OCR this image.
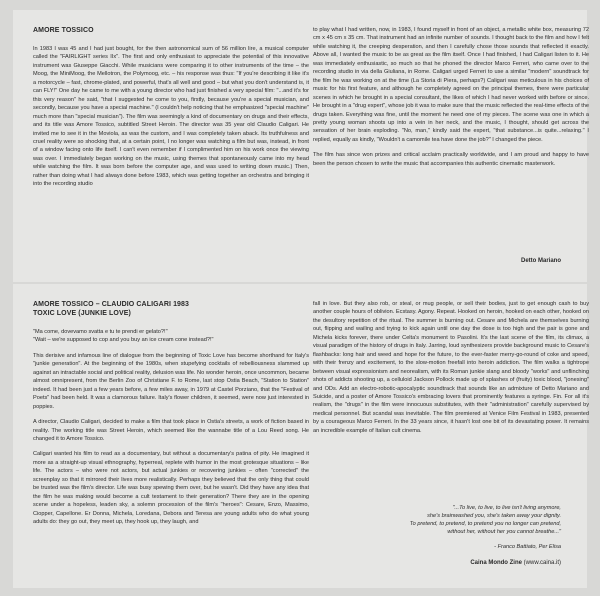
AMORE TOSSICO

In 1983 I was 45 and I had just bought, for the then astronomical sum of 56 million lire, a musical computer called the "FAIRLIGHT series IIx". The first and only enthusiast to appreciate the potential of this innovative instrument was Giuseppe Giacchi. While musicians were comparing it to other instruments of the time – the Moog, the MiniMoog, the Mellotron, the Polymoog, etc. – his response was thus: "If you're describing it like it's a motorcycle – fast, chrome-plated, and powerful, that's all well and good – but what you don't understand is, it can FLY!" One day he came to me with a young director who had just finished a very special film: "...and it's for this very reason" he said, "that I suggested he come to you, firstly, because you're a special musician, and secondly, because you have a special machine." (I couldn't help noticing that he emphasized "special machine" much more than "special musician"). The film was seemingly a kind of documentary on drugs and their effects, and its title was Amore Tossico, subtitled Street Heroin. The director was 35 year old Claudio Caligari. He invited me to see it in the Moviola, as was the custom, and I was completely taken aback. Its truthfulness and cruel reality were so shocking that, at a certain point, I no longer was watching a film but was, instead, in front of a window facing onto life itself. I can't even remember if I complimented him on his work once the viewing was over. I immediately began working on the music, using themes that spontaneously came into my head while watching the film. It was born before the computer age, and was used to writing down music.) Then, rather than doing what I had always done before 1983, which was getting together an orchestra and bringing it into the recording studio

to play what I had written, now, in 1983, I found myself in front of an object, a metallic white box, measuring 72 cm x 45 cm x 35 cm. That instrument had an infinite number of sounds. I thought back to the film and how I felt while watching it, the creeping desperation, and then I carefully chose those sounds that reflected it exactly. Above all, I wanted the music to be as great as the film itself. Once I had finished, I had Caligari listen to it. He was immediately enthusiastic, so much so that he phoned the director Marco Ferreri, who came over to the recording studio in via della Giuliana, in Rome. Caligari urged Ferreri to use a similar "modern" soundtrack for the film he was working on at the time (La Storia di Piera, perhaps?) Caligari was meticulous in his choices of music for his first feature, and although he completely agreed on the principal themes, there were particular scenes in which he brought in a special consultant, the likes of which I had never worked with before or since. He brought in a "drug expert", whose job it was to make sure that the music reflected the real-time effects of the drugs taken. Everything was fine, until the moment he need one of my pieces. The scene was one in which a pretty young woman shoots up into a vein in her neck, and the music, I thought, should get across the sensation of her brain exploding. "No, man," kindly said the expert, "that substance...is quite...relaxing." I replied, equally as kindly, "Wouldn't a camomile tea have done the job?" I changed the piece.

The film has since won prizes and critical acclaim practically worldwide, and I am proud and happy to have been the person chosen to write the music that accompanies this authentic cinematic masterwork.

Detto Mariano
AMORE TOSSICO – CLAUDIO CALIGARI 1983
TOXIC LOVE (JUNKIE LOVE)

"Ma come, dovevamo svatta e tu te prendi er gelato?!"
"Wait – we're supposed to cop and you buy an ice cream cone instead?!"

This derisive and infamous line of dialogue from the beginning of Toxic Love has become shorthand for Italy's "junkie generation". At the beginning of the 1980s, when stupefying cocktails of rebelliousness slammed up against an intractable social and political reality, delusion was life. No wonder heroin, once uncommon, became almost omnipresent, from the Berlin Zoo of Christiane F. to Rome, last stop Ostia Beach, "Station to Station" indeed. It had been just a few years before, a few miles away, in 1979 at Castel Porziano, that the "Festival of Poets" had been held. It was a clamorous failure. Italy's flower children, it seemed, were now just interested in poppies.

A director, Claudio Caligari, decided to make a film that took place in Ostia's streets, a work of fiction based in reality. The working title was Street Heroin, which seemed like the wannabe title of a Lou Reed song. He changed it to Amore Tossico.

Caligari wanted his film to read as a documentary, but without a documentary's patina of pity. He imagined it more as a straight-up visual ethnography, hyperreal, replete with humor in the most grotesque situations – like life. The actors – who were not actors, but actual junkies or recovering junkies – often "corrected" the screenplay so that it mirrored their lives more realistically. Perhaps they believed that the only thing that could be trusted was the film's director. Life was busy spewing them over, but he wasn't. Did they have any idea that the film he was making would become a cult testament to their generation? There they are in the opening scene under a hopeless, leaden sky, a solemn procession of the film's "heroes": Cesare, Enzo, Massimo, Ciopper, Capellone. Er Donna, Michela, Loredana, Debora and Teresa are young adults who do what young adults do: they go out, they meet up, they hook up, they laugh, and

fall in love. But they also rob, or steal, or mug people, or sell their bodies, just to get enough cash to buy another couple hours of oblivion. Ecstasy. Agony. Repeat. Hooked on heroin, hooked on each other, hooked on the desultory repetition of the ritual. The summer is burning out. Cesare and Michela are themselves burning out, flipping and wailing and trying to kick again until one day the dose is too high and the pair is gone and Michela kicks forever, there under Celta's monument to Pasolini. It's the last scene of the film, its climax, a visual paradigm of the history of drugs in Italy. Jarring, loud synthesizers provide background music to Cesare's flashbacks: long hair and weed and hope for the future, to the ever-faster merry-go-round of coke and speed, with their frenzy and excitement, to the slow-motion freefall into heroin addiction. The film walks a tightrope between visual expressionism and neorealism, with its Roman junkie slang and bloody "works" and unflinching shots of addicts shooting up, a celluloid Jackson Pollock made up of splashes of (fruity) toxic blood, "jonesing" and ODs. Add an electro-robotic-apocalyptic soundtrack that sounds like an admixture of Detto Mariano and Suicide, and a poster of Amore Tossico's embracing lovers that prominently features a syringe. Fin. For all it's realism, the "drugs" in the film were innocuous substitutes, with their "administration" carefully supervised by medical personnel. But scandal was inevitable. The film premiered at Venice Film Festival in 1983, presented by a courageous Marco Ferreri. In the 33 years since, it hasn't lost one bit of its devastating power. It remains an incredible example of Italian cult cinema.

"...To live, to live, to live isn't living anymore,
she's brainwashed you, she's taken away your dignity.
To pretend, to pretend, to pretend you no longer can pretend,
without her, without her you cannot breathe..."
- Franco Battiato, Per Elisa
Caina Mondo Zine (www.caina.it)
